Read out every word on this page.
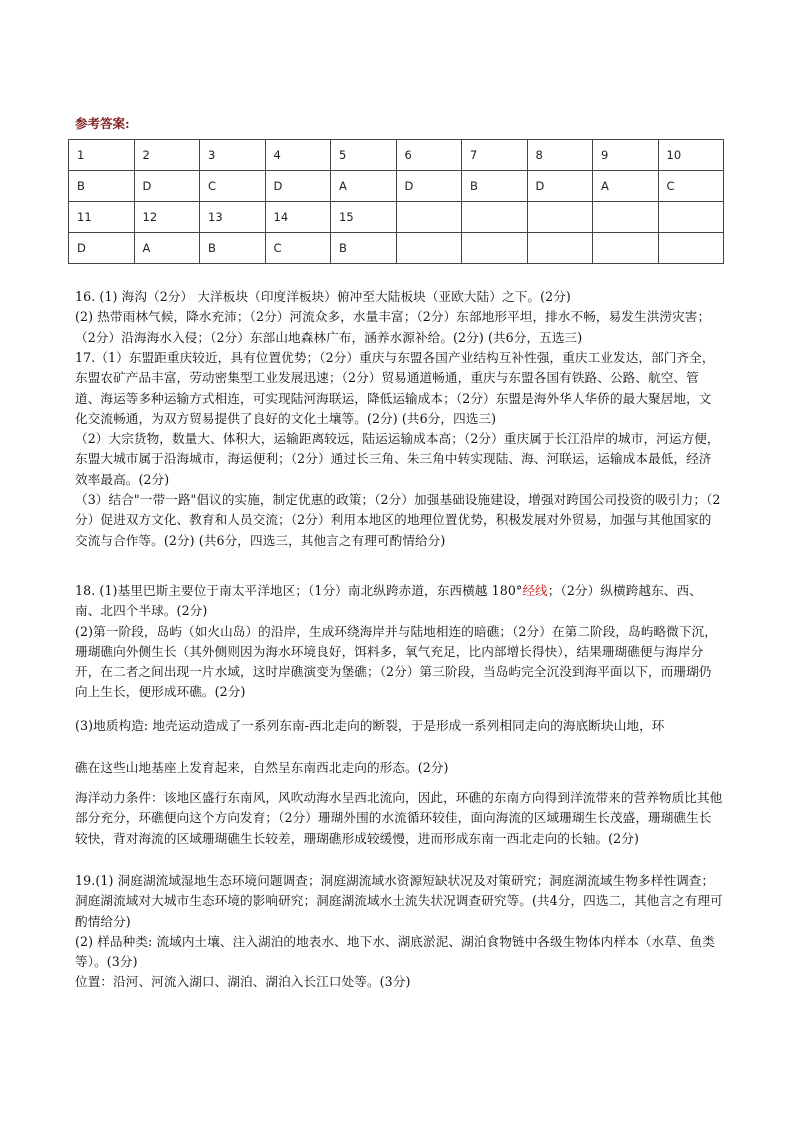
参考答案:
1	2	3	4	5	6	7	8	9	10
B	D	C	D	A	D	B	D	A	C
11	12	13	14	15					
D	A	B	C	B					

16. (1) 海沟（2分） 大洋板块（印度洋板块）俯冲至大陆板块（亚欧大陆）之下。(2分)

(2) 热带雨林气候，降水充沛；（2分）河流众多，水量丰富；（2分）东部地形平坦，排水不畅，易发生洪涝灾害；（2分）沿海海水入侵；（2分）东部山地森林广布，涵养水源补给。(2分) (共6分，五选三)

17.（1）东盟距重庆较近，具有位置优势；（2分）重庆与东盟各国产业结构互补性强，重庆工业发达，部门齐全，东盟农矿产品丰富，劳动密集型工业发展迅速；（2分）贸易通道畅通，重庆与东盟各国有铁路、公路、航空、管道、海运等多种运输方式相连，可实现陆河海联运，降低运输成本；（2分）东盟是海外华人华侨的最大聚居地，文化交流畅通，为双方贸易提供了良好的文化土壤等。(2分) (共6分，四选三)

（2）大宗货物，数量大、体积大，运输距离较远，陆运运输成本高；（2分）重庆属于长江沿岸的城市，河运方便，东盟大城市属于沿海城市，海运便利；（2分）通过长三角、朱三角中转实现陆、海、河联运，运输成本最低，经济效率最高。(2分)

（3）结合"一带一路"倡议的实施，制定优惠的政策；（2分）加强基础设施建设，增强对跨国公司投资的吸引力；（2分）促进双方文化、教育和人员交流；（2分）利用本地区的地理位置优势，积极发展对外贸易，加强与其他国家的交流与合作等。(2分) (共6分，四选三，其他言之有理可酌情给分)

18. (1)基里巴斯主要位于南太平洋地区；（1分）南北纵跨赤道，东西横越 180°经线；（2分）纵横跨越东、西、南、北四个半球。(2分)

(2)第一阶段，岛屿（如火山岛）的沿岸，生成环绕海岸并与陆地相连的暗礁；（2分）在第二阶段，岛屿略微下沉，珊瑚礁向外侧生长（其外侧则因为海水环境良好，饵料多，氧气充足，比内部增长得快），结果珊瑚礁便与海岸分开，在二者之间出现一片水域，这时岸礁演变为堡礁；（2分）第三阶段，当岛屿完全沉没到海平面以下，而珊瑚仍向上生长，便形成环礁。(2分)

(3)地质构造: 地壳运动造成了一系列东南-西北走向的断裂，于是形成一系列相同走向的海底断块山地，环

礁在这些山地基座上发育起来，自然呈东南西北走向的形态。(2分)

海洋动力条件：该地区盛行东南风，风吹动海水呈西北流向，因此，环礁的东南方向得到洋流带来的营养物质比其他部分充分，环礁便向这个方向发育；（2分）珊瑚外围的水流循环较佳，面向海流的区域珊瑚生长茂盛，珊瑚礁生长较快，背对海流的区域珊瑚礁生长较差，珊瑚礁形成较缓慢，进而形成东南一西北走向的长轴。(2分)

19.(1) 洞庭湖流域湿地生态环境问题调查；洞庭湖流域水资源短缺状况及对策研究；洞庭湖流域生物多样性调查；洞庭湖流域对大城市生态环境的影响研究；洞庭湖流域水土流失状况调查研究等。(共4分，四选二，其他言之有理可酌情给分)

(2) 样品种类: 流域内土壤、注入湖泊的地表水、地下水、湖底淤泥、湖泊食物链中各级生物体内样本（水草、鱼类等）。(3分)

位置：沿河、河流入湖口、湖泊、湖泊入长江口处等。(3分)
